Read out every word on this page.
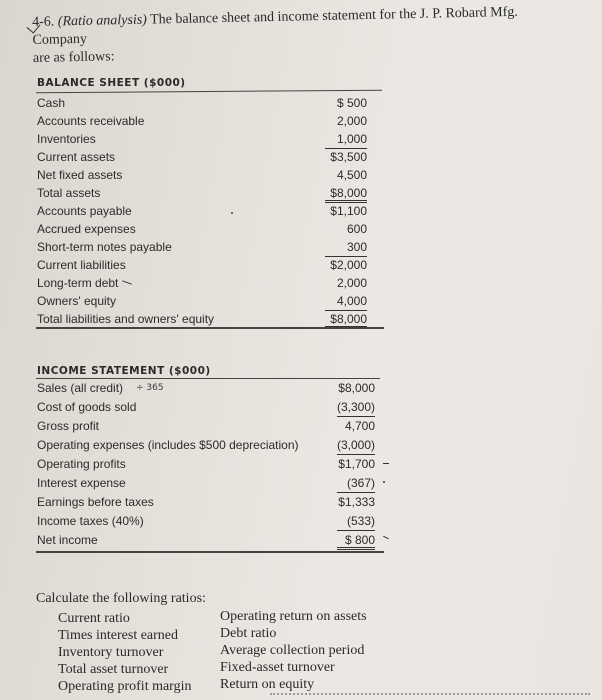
4-6. (Ratio analysis) The balance sheet and income statement for the J. P. Robard Mfg. Company
are as follows:
BALANCE SHEET ($000)
Cash
Accounts receivable
Inventories
Current assets
Net fixed assets
Total assets
Accounts payable
Accrued expenses
Short-term notes payable
Current liabilities
Long-term debt
Owners' equity
Total liabilities and owners' equity
$ 500
2,000
1,000
$3,500
4,500
$8,000
$1,100
600
300
$2,000
2,000
4,000
$8,000
INCOME STATEMENT ($000)
÷ 365
Sales (all credit)
Cost of goods sold
Gross profit
Operating expenses (includes $500 depreciation)
Operating profits
Interest expense
Earnings before taxes
Income taxes (40%)
Net income
$8,000
(3,300)
4,700
(3,000)
$1,700
(367)
$1,333
(533)
$ 800
Calculate the following ratios:
Current ratio
Times interest earned
Inventory turnover
Total asset turnover
Operating profit margin
Operating return on assets
Debt ratio
Average collection period
Fixed-asset turnover
Return on equity
